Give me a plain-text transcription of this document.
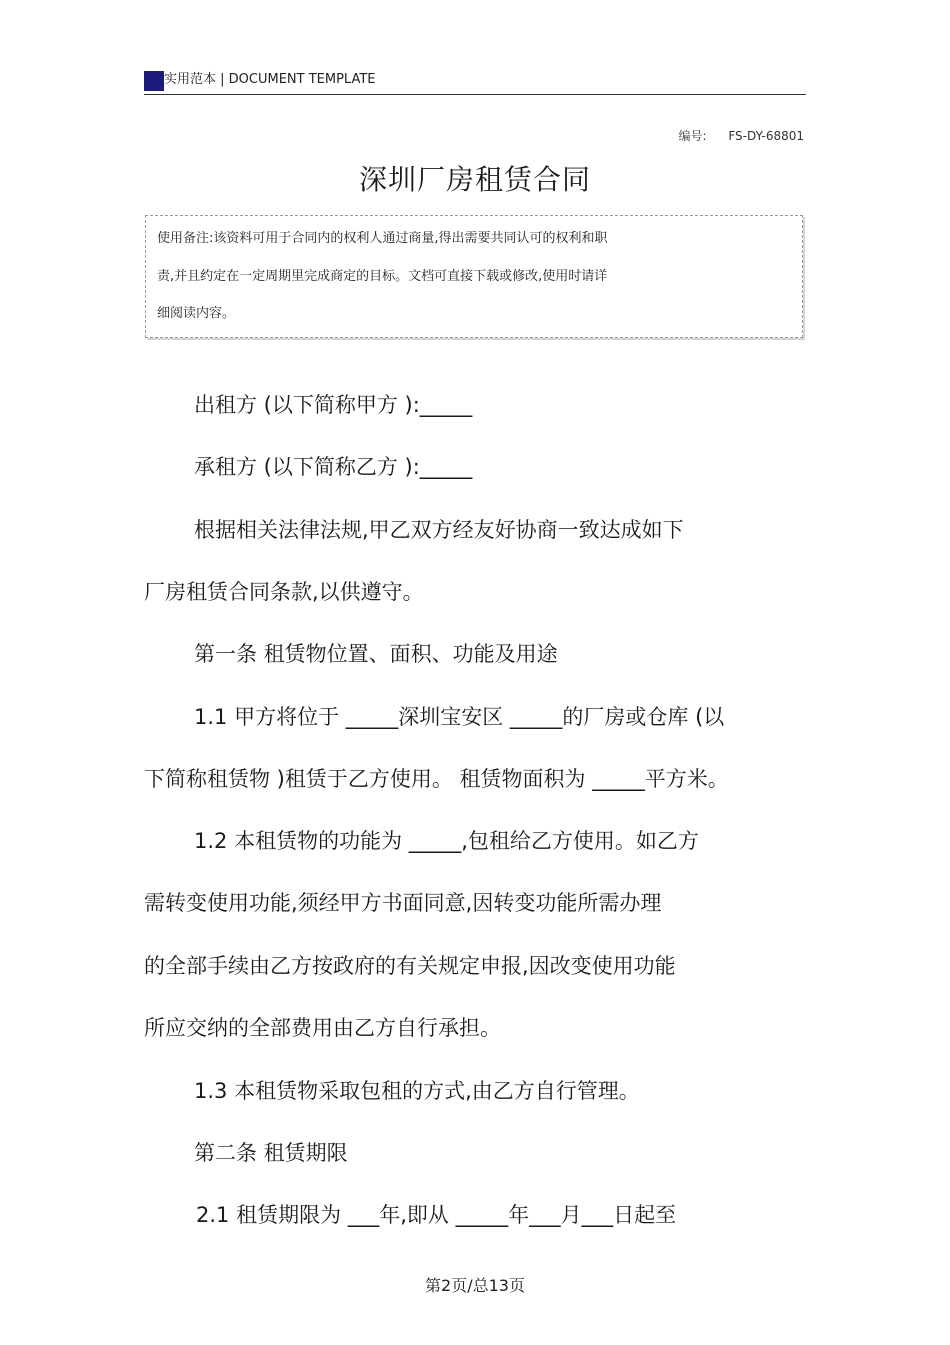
实用范本 | DOCUMENT TEMPLATE
编号: FS-DY-68801
深圳厂房租赁合同

使用备注:该资料可用于合同内的权利人通过商量,得出需要共同认可的权利和职

责,并且约定在一定周期里完成商定的目标。文档可直接下载或修改,使用时请详

细阅读内容。

出租方 (以下简称甲方 ):_____

承租方 (以下简称乙方 ):_____

根据相关法律法规,甲乙双方经友好协商一致达成如下

厂房租赁合同条款,以供遵守。

第一条 租赁物位置、面积、功能及用途

1.1 甲方将位于 _____深圳宝安区 _____的厂房或仓库 (以

下简称租赁物 )租赁于乙方使用。 租赁物面积为 _____平方米。

1.2 本租赁物的功能为 _____,包租给乙方使用。如乙方

需转变使用功能,须经甲方书面同意,因转变功能所需办理

的全部手续由乙方按政府的有关规定申报,因改变使用功能

所应交纳的全部费用由乙方自行承担。

1.3 本租赁物采取包租的方式,由乙方自行管理。

第二条 租赁期限

2.1 租赁期限为 ___年,即从 _____年___月___日起至

第2页/总13页
